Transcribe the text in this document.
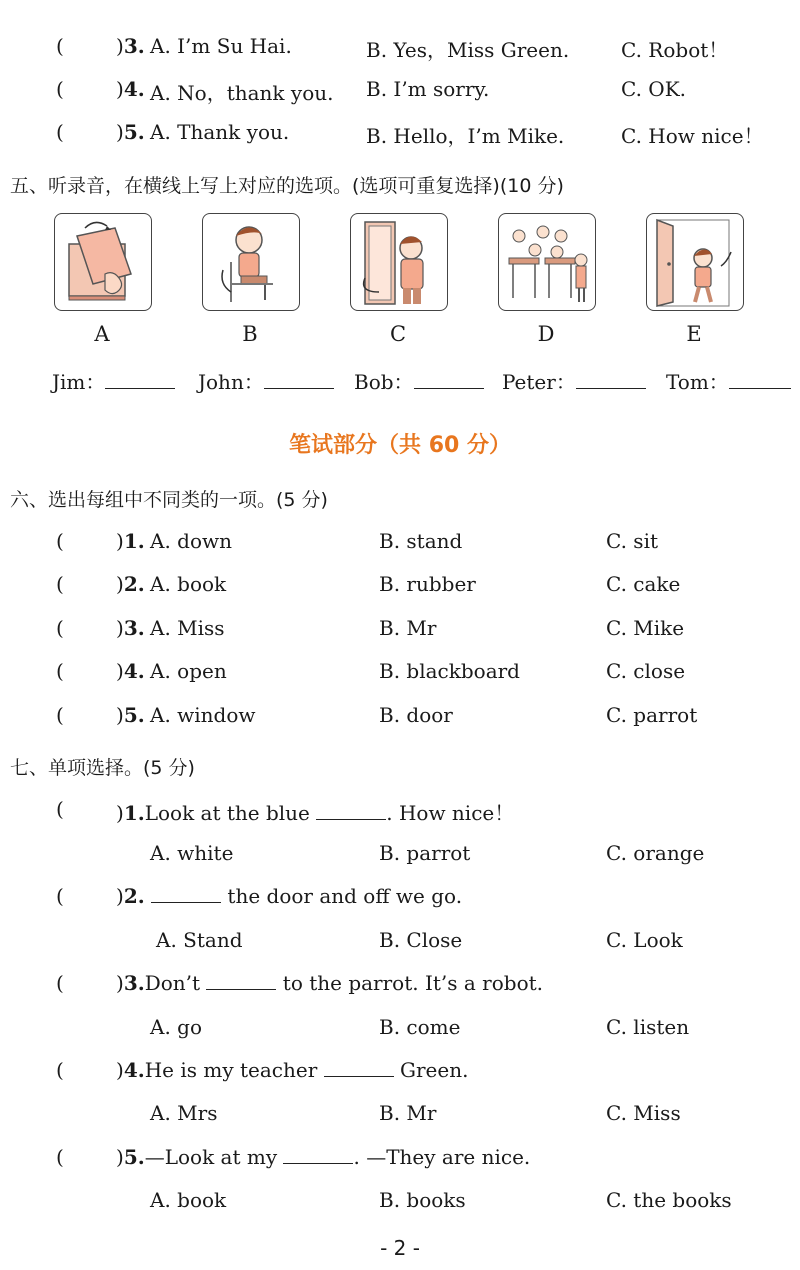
(	)3. A. I’m Su Hai.	B. Yes，Miss Green.	C. Robot！
(	)4. A. No，thank you. B. I’m sorry.	C. OK.
(	)5. A. Thank you.	B. Hello，I’m Mike.	C. How nice！
五、听录音，在横线上写上对应的选项。(选项可重复选择)(10 分)
A	B	C	D	E
Jim：	John：	Bob：	Peter：	Tom：
笔试部分（共 60 分）
六、选出每组中不同类的一项。(5 分)
(	)1. A. down	B. stand	C. sit
(	)2. A. book	B. rubber	C. cake
(	)3. A. Miss	B. Mr	C. Mike
(	)4. A. open	B. blackboard	C. close
(	)5. A. window	B. door	C. parrot
七、单项选择。(5 分)
(	)1.Look at the blue	. How nice！
A. white	B. parrot	C. orange
(	)2.	the door and off we go.
A. Stand	B. Close	C. Look
(	)3.Don’t	to the parrot. It’s a robot.
A. go	B. come	C. listen
(	)4.He is my teacher	Green.
A. Mrs	B. Mr	C. Miss
(	)5.—Look at my	. —They are nice.
A. book	B. books	C. the books
- 2 -
